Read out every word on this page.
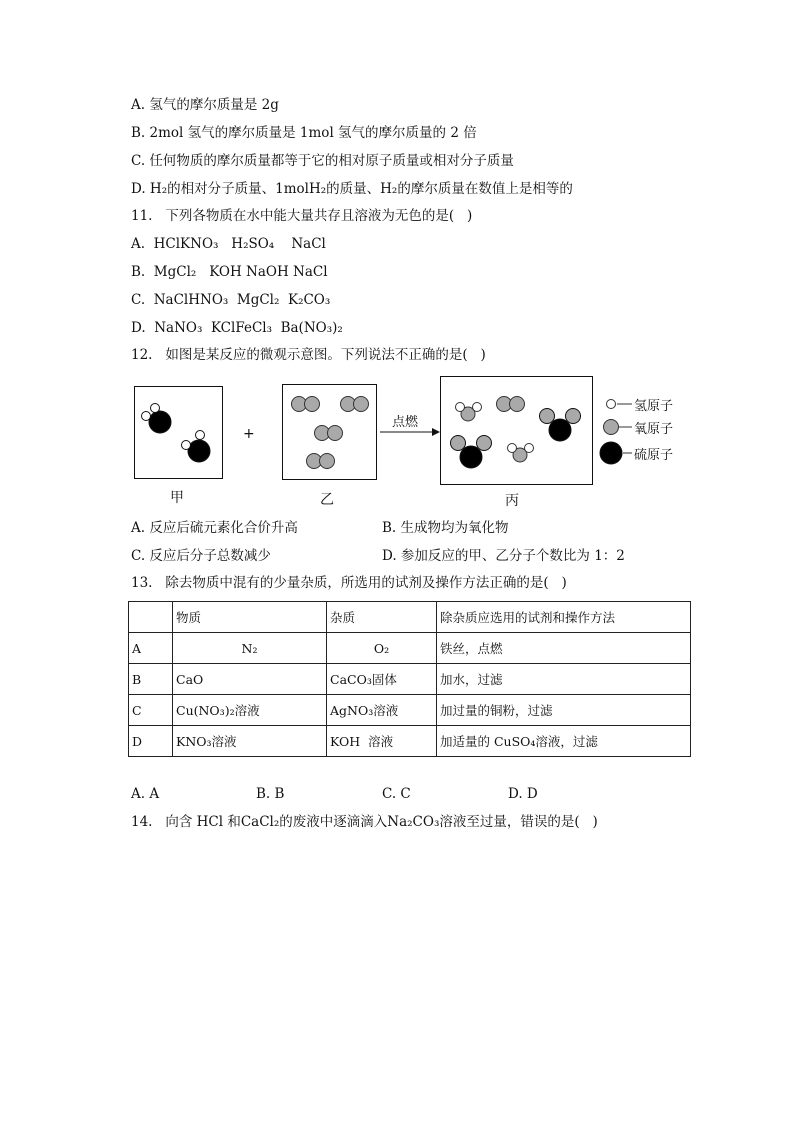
A. 氢气的摩尔质量是 2g
B. 2mol 氢气的摩尔质量是 1mol 氢气的摩尔质量的 2 倍
C. 任何物质的摩尔质量都等于它的相对原子质量或相对分子质量
D. H₂的相对分子质量、1molH₂的质量、H₂的摩尔质量在数值上是相等的
11.   下列各物质在水中能大量共存且溶液为无色的是(   )
A.  HClKNO₃   H₂SO₄    NaCl
B.  MgCl₂   KOH NaOH NaCl
C.  NaClHNO₃  MgCl₂  K₂CO₃
D.  NaNO₃  KClFeCl₃  Ba(NO₃)₂
12.   如图是某反应的微观示意图。下列说法不正确的是(   )
+
点燃
氢原子
氧原子
硫原子
甲	乙	丙
A. 反应后硫元素化合价升高	B. 生成物均为氧化物
C. 反应后分子总数减少	D. 参加反应的甲、乙分子个数比为 1：2
13.   除去物质中混有的少量杂质，所选用的试剂及操作方法正确的是(   )
	物质	杂质	除杂质应选用的试剂和操作方法
A	N₂	O₂	铁丝，点燃
B	CaO	CaCO₃固体	加水，过滤
C	Cu(NO₃)₂溶液	AgNO₃溶液	加过量的铜粉，过滤
D	KNO₃溶液	KOH  溶液	加适量的 CuSO₄溶液，过滤
A. A	B. B	C. C	D. D
14.   向含 HCl 和CaCl₂的废液中逐滴滴入Na₂CO₃溶液至过量，错误的是(   )
